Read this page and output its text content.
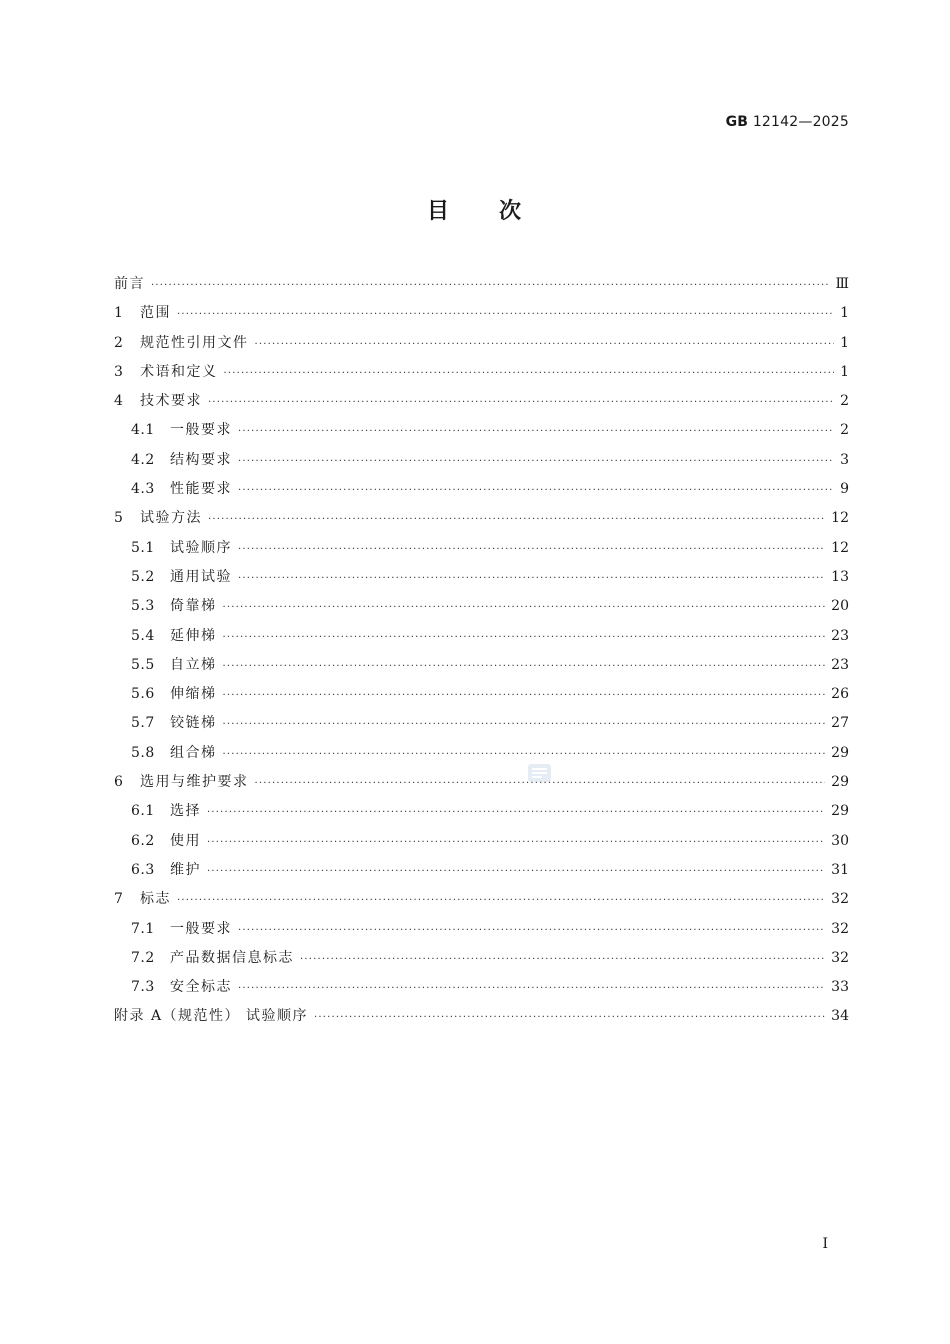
GB 12142—2025
目 次
前言 ·····	Ⅲ
1	范围 ·····	1
2	规范性引用文件 ·····	1
3	术语和定义 ·····	1
4	技术要求 ·····	2
4.1	一般要求 ·····	2
4.2	结构要求 ·····	3
4.3	性能要求 ·····	9
5	试验方法 ·····	12
5.1	试验顺序 ·····	12
5.2	通用试验 ·····	13
5.3	倚靠梯 ·····	20
5.4	延伸梯 ·····	23
5.5	自立梯 ·····	23
5.6	伸缩梯 ·····	26
5.7	铰链梯 ·····	27
5.8	组合梯 ·····	29
6	选用与维护要求 ·····	29
6.1	选择 ·····	29
6.2	使用 ·····	30
6.3	维护 ·····	31
7	标志 ·····	32
7.1	一般要求 ·····	32
7.2	产品数据信息标志 ·····	32
7.3	安全标志 ·····	33
附录 A（规范性） 试验顺序 ·····	34
Ⅰ
